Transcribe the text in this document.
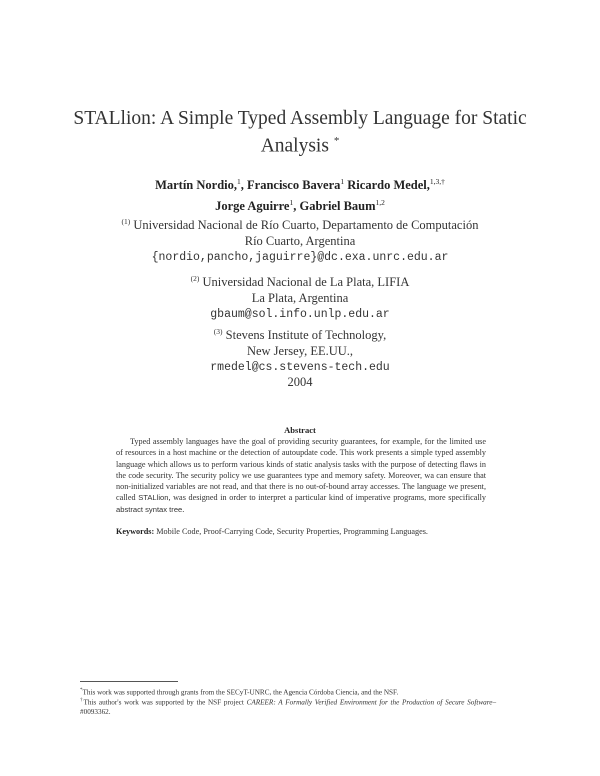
STALlion: A Simple Typed Assembly Language for Static
Analysis *
Martín Nordio,$^1$, Francisco Bavera$^1$ Ricardo Medel,$^{1,3,\dagger}$
Jorge Aguirre$^1$, Gabriel Baum$^{1,2}$
$^{(1)}$ Universidad Nacional de Río Cuarto, Departamento de Computación
Río Cuarto, Argentina
{nordio,pancho,jaguirre}@dc.exa.unrc.edu.ar
$^{(2)}$ Universidad Nacional de La Plata, LIFIA
La Plata, Argentina
gbaum@sol.info.unlp.edu.ar
$^{(3)}$ Stevens Institute of Technology,
New Jersey, EE.UU.,
rmedel@cs.stevens-tech.edu
2004
Abstract
Typed assembly languages have the goal of providing security guarantees, for example, for the limited use of resources in a host machine or the detection of autoupdate code. This work presents a simple typed assembly language which allows us to perform various kinds of static analysis tasks with the purpose of detecting flaws in the code security. The security policy we use guarantees type and memory safety. Moreover, wa can ensure that non-initialized variables are not read, and that there is no out-of-bound array accesses. The language we present, called STALlion, was designed in order to interpret a particular kind of imperative programs, more specifically abstract syntax tree.
Keywords: Mobile Code, Proof-Carrying Code, Security Properties, Programming Languages.
*This work was supported through grants from the SECyT-UNRC, the Agencia Córdoba Ciencia, and the NSF.
†This author's work was supported by the NSF project CAREER: A Formally Verified Environment for the Production of Secure Software–#0093362.
